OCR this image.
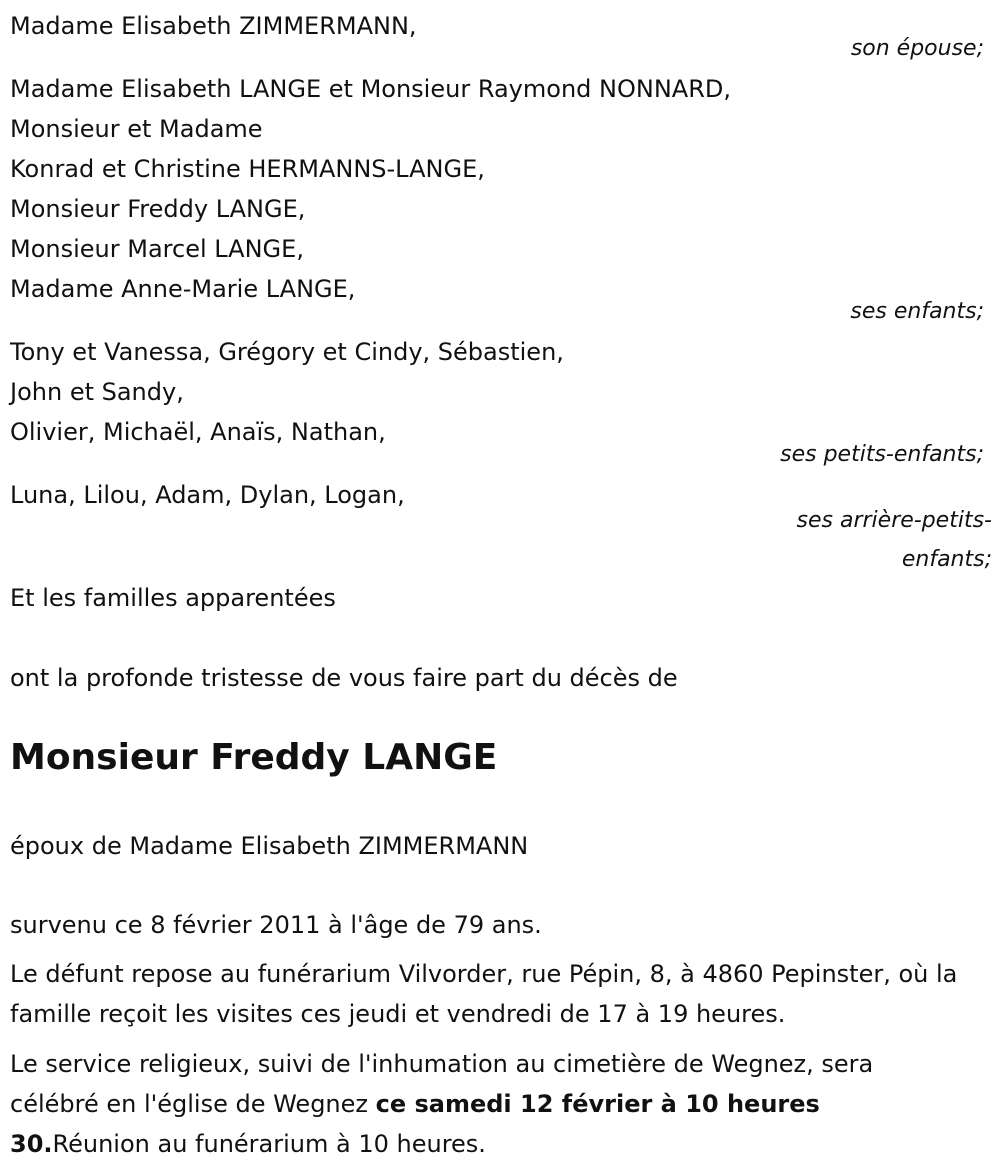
Madame Elisabeth ZIMMERMANN,
son épouse;
Madame Elisabeth LANGE et Monsieur Raymond NONNARD,
Monsieur et Madame
Konrad et Christine HERMANNS-LANGE,
Monsieur Freddy LANGE,
Monsieur Marcel LANGE,
Madame Anne-Marie LANGE,
ses enfants;
Tony et Vanessa, Grégory et Cindy, Sébastien,
John et Sandy,
Olivier, Michaël, Anaïs, Nathan,
ses petits-enfants;
Luna, Lilou, Adam, Dylan, Logan,
ses arrière-petits-
enfants;
Et les familles apparentées
ont la profonde tristesse de vous faire part du décès de
Monsieur Freddy LANGE
époux de Madame Elisabeth ZIMMERMANN
survenu ce 8 février 2011 à l'âge de 79 ans.

Le défunt repose au funérarium Vilvorder, rue Pépin, 8, à 4860 Pepinster, où la famille reçoit les visites ces jeudi et vendredi de 17 à 19 heures.

Le service religieux, suivi de l'inhumation au cimetière de Wegnez, sera célébré en l'église de Wegnez ce samedi 12 février à 10 heures 30.Réunion au funérarium à 10 heures.
